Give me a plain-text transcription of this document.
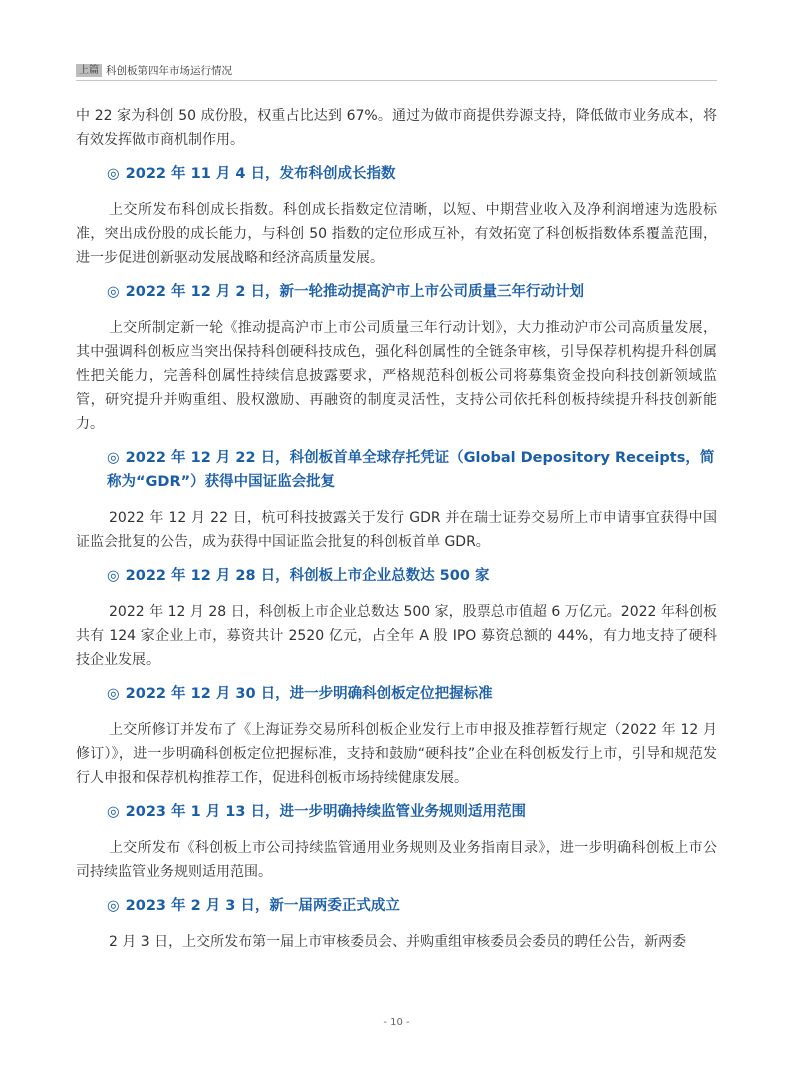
上篇 科创板第四年市场运行情况

中 22 家为科创 50 成份股，权重占比达到 67%。通过为做市商提供券源支持，降低做市业务成本，将有效发挥做市商机制作用。

◎ 2022 年 11 月 4 日，发布科创成长指数

上交所发布科创成长指数。科创成长指数定位清晰，以短、中期营业收入及净利润增速为选股标准，突出成份股的成长能力，与科创 50 指数的定位形成互补，有效拓宽了科创板指数体系覆盖范围，进一步促进创新驱动发展战略和经济高质量发展。

◎ 2022 年 12 月 2 日，新一轮推动提高沪市上市公司质量三年行动计划

上交所制定新一轮《推动提高沪市上市公司质量三年行动计划》，大力推动沪市公司高质量发展，其中强调科创板应当突出保持科创硬科技成色，强化科创属性的全链条审核，引导保荐机构提升科创属性把关能力，完善科创属性持续信息披露要求，严格规范科创板公司将募集资金投向科技创新领域监管，研究提升并购重组、股权激励、再融资的制度灵活性，支持公司依托科创板持续提升科技创新能力。

◎ 2022 年 12 月 22 日，科创板首单全球存托凭证（Global Depository Receipts，简称为“GDR”）获得中国证监会批复

2022 年 12 月 22 日，杭可科技披露关于发行 GDR 并在瑞士证券交易所上市申请事宜获得中国证监会批复的公告，成为获得中国证监会批复的科创板首单 GDR。

◎ 2022 年 12 月 28 日，科创板上市企业总数达 500 家

2022 年 12 月 28 日，科创板上市企业总数达 500 家，股票总市值超 6 万亿元。2022 年科创板共有 124 家企业上市，募资共计 2520 亿元，占全年 A 股 IPO 募资总额的 44%，有力地支持了硬科技企业发展。

◎ 2022 年 12 月 30 日，进一步明确科创板定位把握标准

上交所修订并发布了《上海证券交易所科创板企业发行上市申报及推荐暂行规定（2022 年 12 月修订）》，进一步明确科创板定位把握标准，支持和鼓励“硬科技”企业在科创板发行上市，引导和规范发行人申报和保荐机构推荐工作，促进科创板市场持续健康发展。

◎ 2023 年 1 月 13 日，进一步明确持续监管业务规则适用范围

上交所发布《科创板上市公司持续监管通用业务规则及业务指南目录》，进一步明确科创板上市公司持续监管业务规则适用范围。

◎ 2023 年 2 月 3 日，新一届两委正式成立

2 月 3 日，上交所发布第一届上市审核委员会、并购重组审核委员会委员的聘任公告，新两委

- 10 -
